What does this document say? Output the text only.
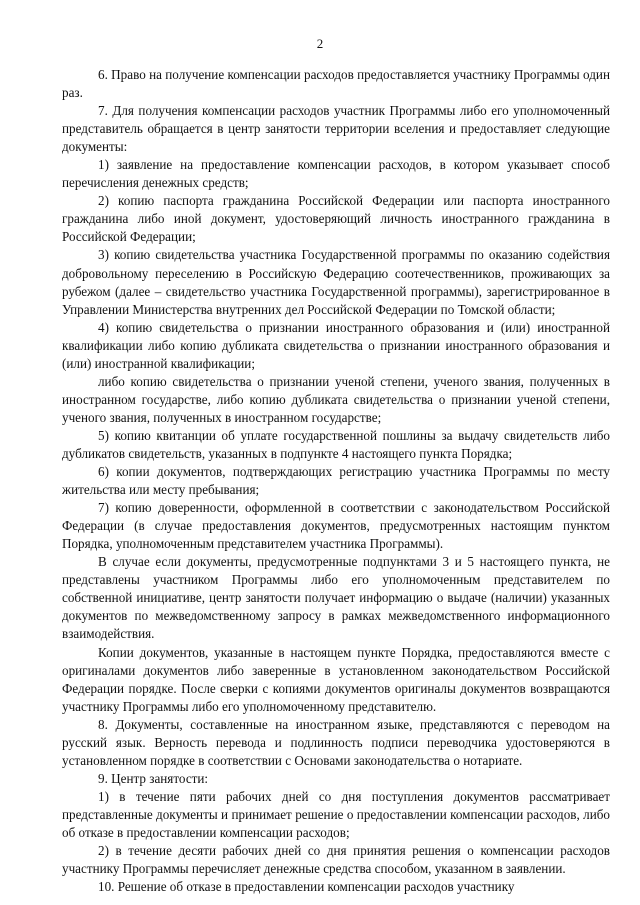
2

6. Право на получение компенсации расходов предоставляется участнику Программы один раз.

7. Для получения компенсации расходов участник Программы либо его уполномоченный представитель обращается в центр занятости территории вселения и предоставляет следующие документы:

1) заявление на предоставление компенсации расходов, в котором указывает способ перечисления денежных средств;

2) копию паспорта гражданина Российской Федерации или паспорта иностранного гражданина либо иной документ, удостоверяющий личность иностранного гражданина в Российской Федерации;

3) копию свидетельства участника Государственной программы по оказанию содействия добровольному переселению в Российскую Федерацию соотечественников, проживающих за рубежом (далее – свидетельство участника Государственной программы), зарегистрированное в Управлении Министерства внутренних дел Российской Федерации по Томской области;

4) копию свидетельства о признании иностранного образования и (или) иностранной квалификации либо копию дубликата свидетельства о признании иностранного образования и (или) иностранной квалификации;

либо копию свидетельства о признании ученой степени, ученого звания, полученных в иностранном государстве, либо копию дубликата свидетельства о признании ученой степени, ученого звания, полученных в иностранном государстве;

5) копию квитанции об уплате государственной пошлины за выдачу свидетельств либо дубликатов свидетельств, указанных в подпункте 4 настоящего пункта Порядка;

6) копии документов, подтверждающих регистрацию участника Программы по месту жительства или месту пребывания;

7) копию доверенности, оформленной в соответствии с законодательством Российской Федерации (в случае предоставления документов, предусмотренных настоящим пунктом Порядка, уполномоченным представителем участника Программы).

В случае если документы, предусмотренные подпунктами 3 и 5 настоящего пункта, не представлены участником Программы либо его уполномоченным представителем по собственной инициативе, центр занятости получает информацию о выдаче (наличии) указанных документов по межведомственному запросу в рамках межведомственного информационного взаимодействия.

Копии документов, указанные в настоящем пункте Порядка, предоставляются вместе с оригиналами документов либо заверенные в установленном законодательством Российской Федерации порядке. После сверки с копиями документов оригиналы документов возвращаются участнику Программы либо его уполномоченному представителю.

8. Документы, составленные на иностранном языке, представляются с переводом на русский язык. Верность перевода и подлинность подписи переводчика удостоверяются в установленном порядке в соответствии с Основами законодательства о нотариате.

9. Центр занятости:

1) в течение пяти рабочих дней со дня поступления документов рассматривает представленные документы и принимает решение о предоставлении компенсации расходов, либо об отказе в предоставлении компенсации расходов;

2) в течение десяти рабочих дней со дня принятия решения о компенсации расходов участнику Программы перечисляет денежные средства способом, указанном в заявлении.

10. Решение об отказе в предоставлении компенсации расходов участнику
